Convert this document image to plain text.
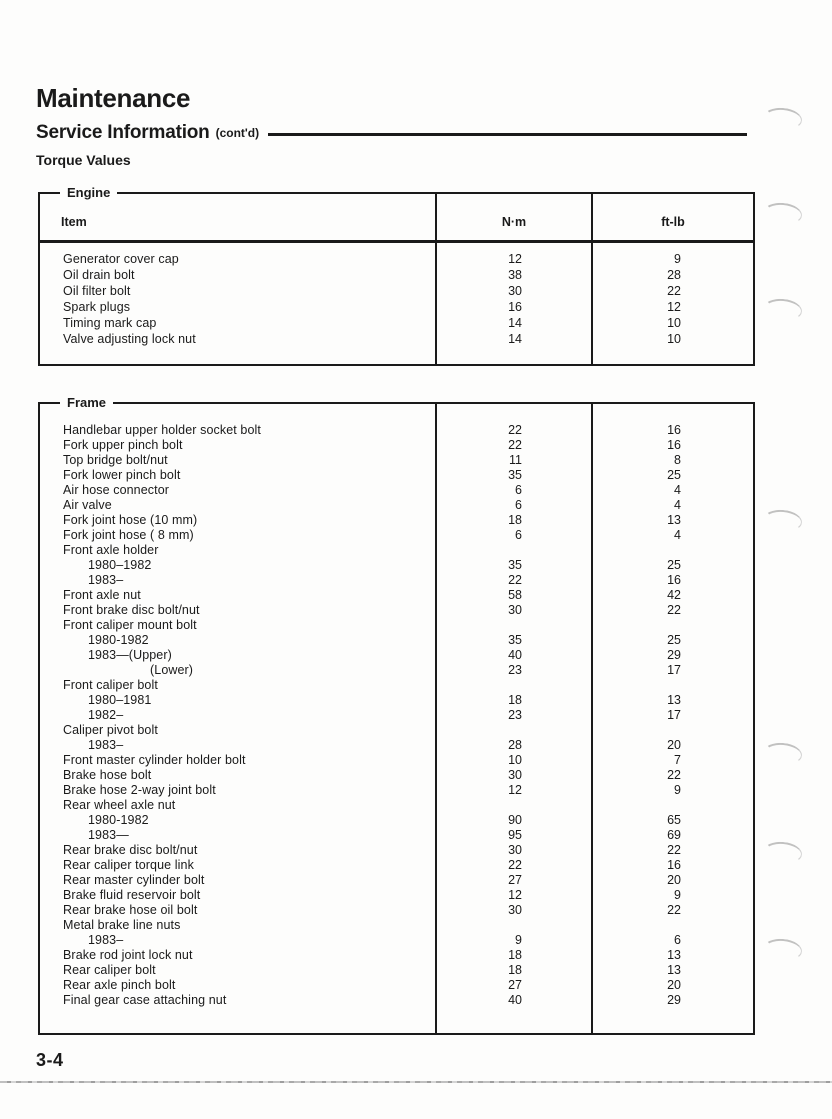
Maintenance
Service Information (cont'd)
Torque Values
Engine
Item	N·m	ft-lb
Generator cover cap	12	9
Oil drain bolt	38	28
Oil filter bolt	30	22
Spark plugs	16	12
Timing mark cap	14	10
Valve adjusting lock nut	14	10
Frame
Handlebar upper holder socket bolt	22	16
Fork upper pinch bolt	22	16
Top bridge bolt/nut	11	8
Fork lower pinch bolt	35	25
Air hose connector	6	4
Air valve	6	4
Fork joint hose (10 mm)	18	13
Fork joint hose ( 8 mm)	6	4
Front axle holder
1980–1982	35	25
1983–	22	16
Front axle nut	58	42
Front brake disc bolt/nut	30	22
Front caliper mount bolt
1980-1982	35	25
1983—(Upper)	40	29
(Lower)	23	17
Front caliper bolt
1980–1981	18	13
1982–	23	17
Caliper pivot bolt
1983–	28	20
Front master cylinder holder bolt	10	7
Brake hose bolt	30	22
Brake hose 2-way joint bolt	12	9
Rear wheel axle nut
1980-1982	90	65
1983—	95	69
Rear brake disc bolt/nut	30	22
Rear caliper torque link	22	16
Rear master cylinder bolt	27	20
Brake fluid reservoir bolt	12	9
Rear brake hose oil bolt	30	22
Metal brake line nuts
1983–	9	6
Brake rod joint lock nut	18	13
Rear caliper bolt	18	13
Rear axle pinch bolt	27	20
Final gear case attaching nut	40	29
3-4
